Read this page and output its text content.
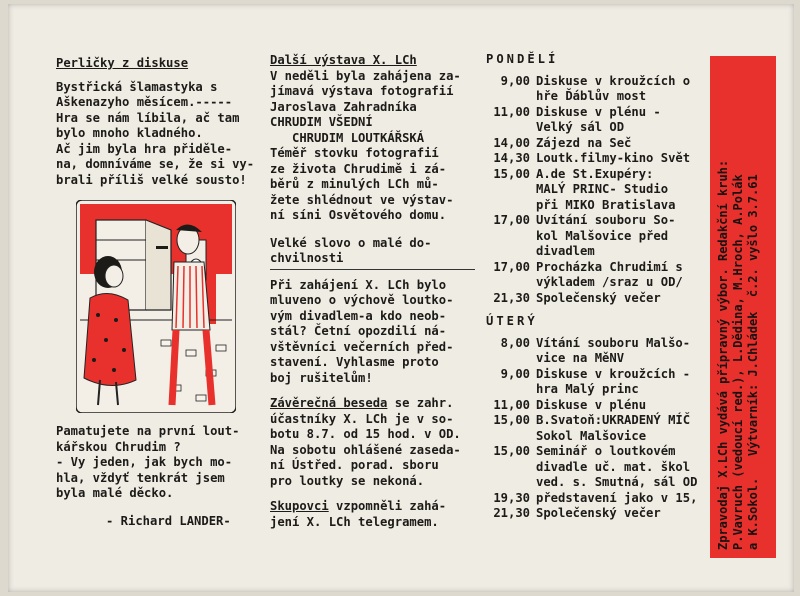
Perličky z diskuse
Bystřická šlamastyka s
Aškenazyho měsícem.-----
Hra se nám líbila, ač tam
bylo mnoho kladného.
Ač jim byla hra přiděle-
na, domníváme se, že si vy-
brali příliš velké sousto!
Pamatujete na první lout-
kářskou Chrudim ?
- Vy jeden, jak bych mo-
hla, vždyť tenkrát jsem
byla malé děcko.
- Richard LANDER-
Další výstava X. LCh
V neděli byla zahájena za-
jímavá výstava fotografií
Jaroslava Zahradníka
CHRUDIM VŠEDNÍ
CHRUDIM LOUTKÁŘSKÁ
Téměř stovku fotografií
ze života Chrudimě i zá-
běrů z minulých LCh mů-
žete shlédnout ve výstav-
ní síni Osvětového domu.
Velké slovo o malé do-
chvilnosti
Při zahájení X. LCh bylo
mluveno o výchově loutko-
vým divadlem-a kdo neob-
stál? Četní opozdilí ná-
vštěvníci večerních před-
stavení. Vyhlasme proto
boj rušitelům!
Závěrečná beseda se zahr.
účastníky X. LCh je v so-
botu 8.7. od 15 hod. v OD.
Na sobotu ohlášené zaseda-
ní Ústřed. porad. sboru
pro loutky se nekoná.
Skupovci vzpomněli zahá-
jení X. LCh telegramem.
PONDĚLÍ
9,00 Diskuse v kroužcích o
hře Ďáblův most
11,00 Diskuse v plénu -
Velký sál OD
14,00 Zájezd na Seč
14,30 Loutk.filmy-kino Svět
15,00 A.de St.Exupéry:
MALÝ PRINC- Studio
při MIKO Bratislava
17,00 Uvítání souboru So-
kol Malšovice před
divadlem
17,00 Procházka Chrudimí s
výkladem /sraz u OD/
21,30 Společenský večer
ÚTERÝ
8,00 Vítání souboru Malšo-
vice na MěNV
9,00 Diskuse v kroužcích -
hra Malý princ
11,00 Diskuse v plénu
15,00 B.Svatoň:UKRADENÝ MÍČ
Sokol Malšovice
15,00 Seminář o loutkovém
divadle uč. mat. škol
ved. s. Smutná, sál OD
19,30 představení jako v 15,
21,30 Společenský večer	Zpravodaj X.LCh vydává přípravný výbor. Redakční kruh: P.Vavruch (vedoucí red.), L.Dědina, M.Hroch, A.Polák a K.Sokol.   Výtvarník: J.Chládek  č.2. vyšlo 3.7.61
